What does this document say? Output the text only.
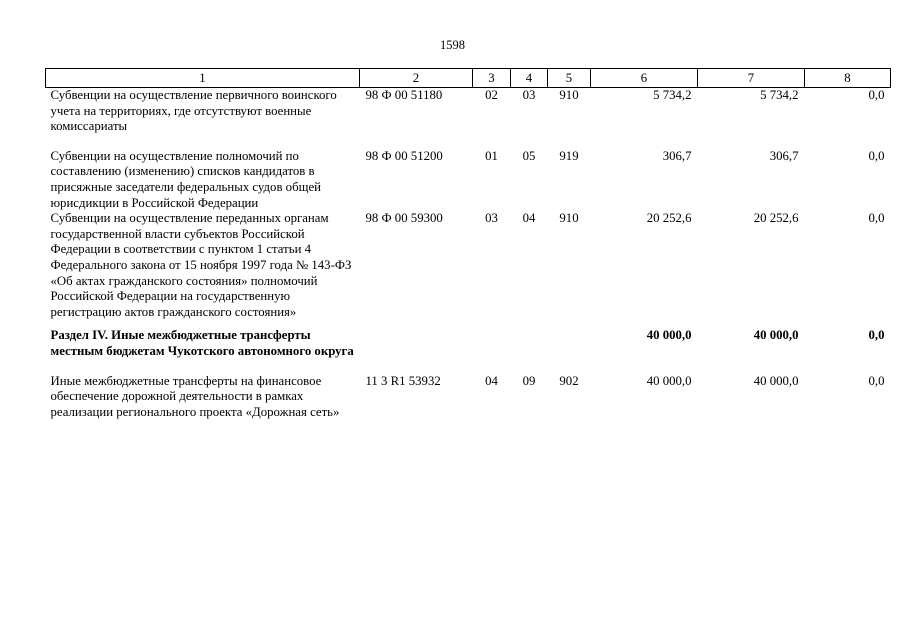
1598
1	2	3	4	5	6	7	8
Субвенции на осуществление первичного воинского учета на территориях, где отсутствуют военные комиссариаты	98 Ф 00 51180	02	03	910	5 734,2	5 734,2	0,0
Субвенции на осуществление полномочий по составлению (изменению) списков кандидатов в присяжные заседатели федеральных судов общей юрисдикции в Российской Федерации	98 Ф 00 51200	01	05	919	306,7	306,7	0,0
Субвенции на осуществление переданных органам государственной власти субъектов Российской Федерации в соответствии с пунктом 1 статьи 4 Федерального закона от 15 ноября 1997 года № 143-ФЗ «Об актах гражданского состояния» полномочий Российской Федерации на государственную регистрацию актов гражданского состояния»	98 Ф 00 59300	03	04	910	20 252,6	20 252,6	0,0
Раздел IV. Иные межбюджетные трансферты местным бюджетам Чукотского автономного округа					40 000,0	40 000,0	0,0
Иные межбюджетные трансферты на финансовое обеспечение дорожной деятельности в рамках реализации регионального проекта «Дорожная сеть»	11 3 R1 53932	04	09	902	40 000,0	40 000,0	0,0
